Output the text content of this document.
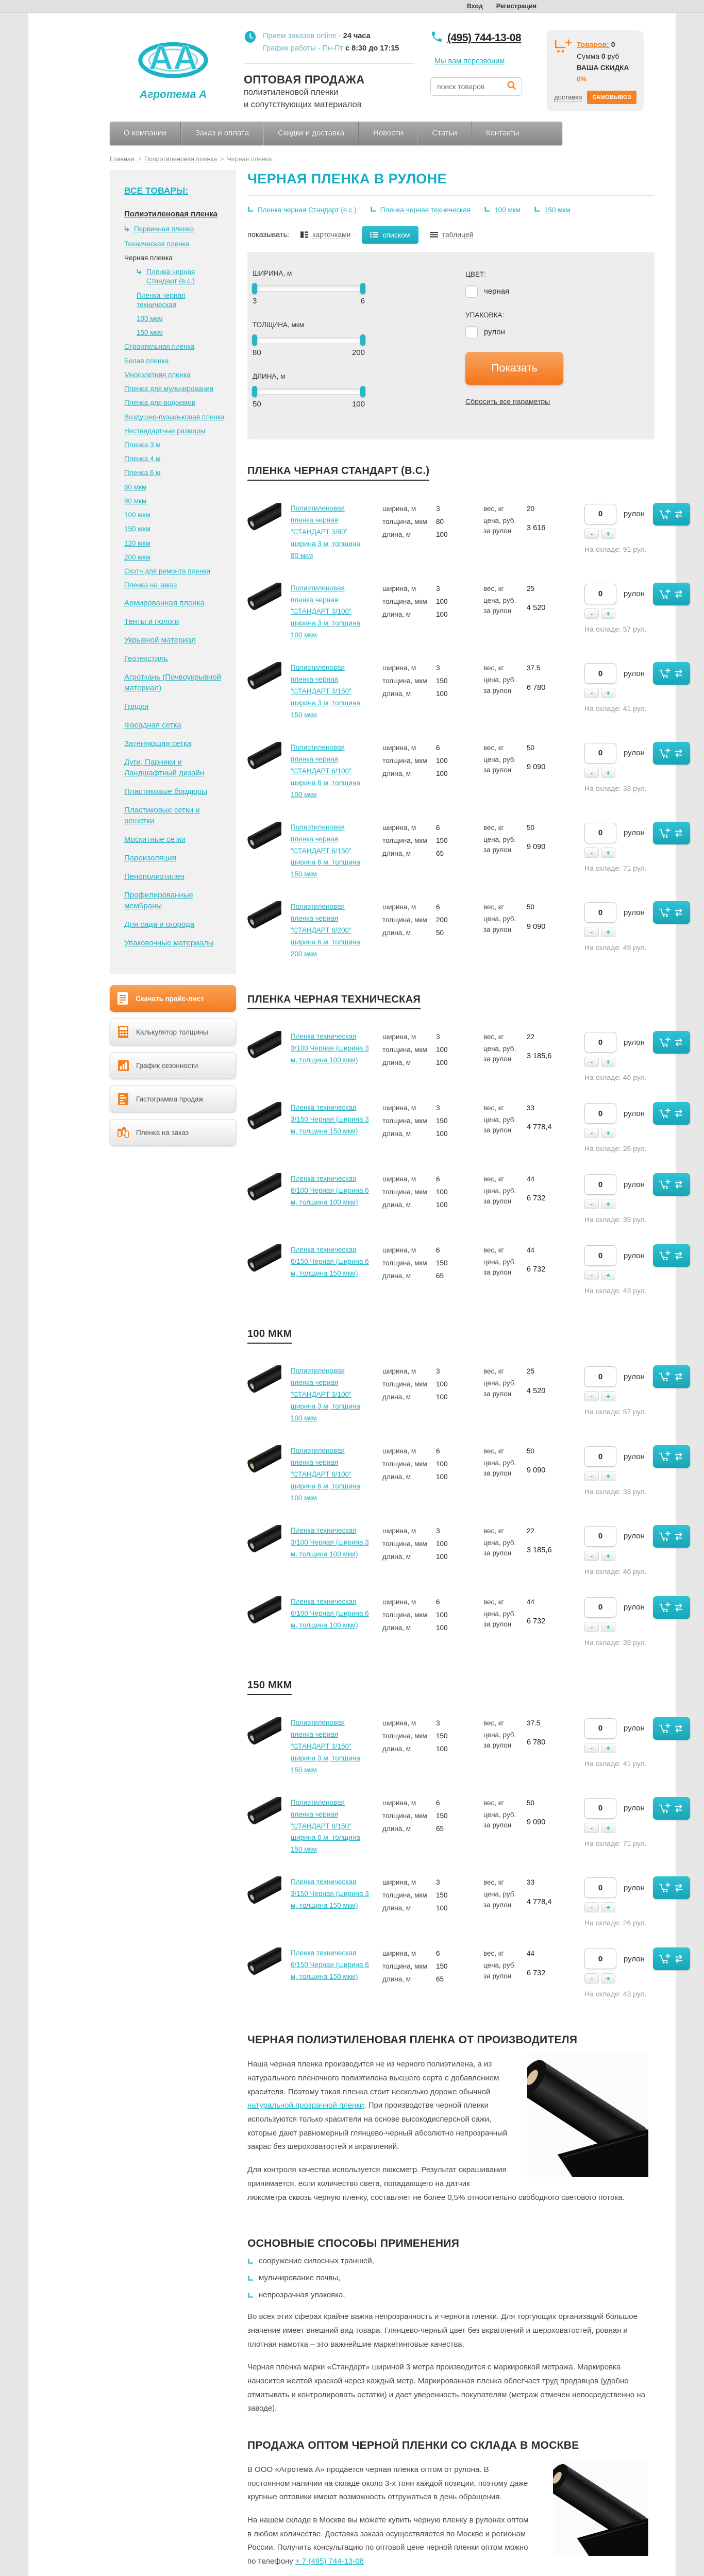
Вход Регистрация
АА
Агротема А
Прием заказов online - 24 часа
График работы - Пн-Пт с 8:30 до 17:15
ОПТОВАЯ ПРОДАЖА
полиэтиленовой пленки
и сопутствующих материалов
(495) 744-13-08
Мы вам перезвоним
поиск товаров
Товаров: 0
Сумма 0 руб
ВАША СКИДКА 0%
доставка	САМОВЫВОЗ
О компании	Заказ и оплата	Скидки и доставка	Новости	Статьи	Контакты
Главная > Полиэтиленовая пленка > Черная пленка
ВСЕ ТОВАРЫ:
Полиэтиленовая пленка
Первичная пленка
Техническая пленка
Черная пленка
Пленка черная Стандарт (в.с.)
Пленка черная техническая
100 мкм
150 мкм
Строительная пленка
Белая пленка
Многолетняя пленка
Пленка для мульчирования
Пленка для водоемов
Воздушно-пузырьковая пленка
Нестандартные размеры
Пленка 3 м
Пленка 4 м
Пленка 6 м
60 мкм
80 мкм
100 мкм
150 мкм
120 мкм
200 мкм
Скотч для ремонта пленки
Пленка на заказ
Армированная пленка
Тенты и пологи
Укрывной материал
Геотекстиль
Агроткань (Почвоукрывной материал)
Грядки
Фасадная сетка
Затеняющая сетка
Дуги, Парники и Ландшафтный дизайн
Пластиковые бордюры
Пластиковые сетки и решетки
Москитные сетки
Пароизоляция
Пенополиэтилен
Профилированные мембраны
Для сада и огорода
Упаковочные материалы
Скачать прайс-лист
Калькулятор толщины
График сезонности
Гистограмма продаж
Пленка на заказ
ЧЕРНАЯ ПЛЕНКА В РУЛОНЕ
Пленка черная Стандарт (в.с.)	Пленка черная техническая	100 мкм	150 мкм
показывать:	карточками	списком	таблицей
ШИРИНА, м
3	6
ТОЛЩИНА, мкм
80	200
ДЛИНА, м
50	100
ЦВЕТ:
черная
УПАКОВКА:
рулон
Показать
Сбросить все параметры
ПЛЕНКА ЧЕРНАЯ СТАНДАРТ (В.С.)
Полиэтиленовая пленка черная "СТАНДАРТ 3/80" ширина 3 м, толщина 80 мкм
ширина, м	3
толщина, мкм	80
длина, м	100
вес, кг	20
цена, руб.
за рулон	3 616
0
рулон
-	+
На складе: 91 рул.
Полиэтиленовая пленка черная "СТАНДАРТ 3/100" ширина 3 м, толщина 100 мкм
ширина, м	3
толщина, мкм	100
длина, м	100
вес, кг	25
цена, руб.
за рулон	4 520
0
рулон
-	+
На складе: 57 рул.
Полиэтиленовая пленка черная "СТАНДАРТ 3/150" ширина 3 м, толщина 150 мкм
ширина, м	3
толщина, мкм	150
длина, м	100
вес, кг	37.5
цена, руб.
за рулон	6 780
0
рулон
-	+
На складе: 41 рул.
Полиэтиленовая пленка черная "СТАНДАРТ 6/100" ширина 6 м, толщина 100 мкм
ширина, м	6
толщина, мкм	100
длина, м	100
вес, кг	50
цена, руб.
за рулон	9 090
0
рулон
-	+
На складе: 33 рул.
Полиэтиленовая пленка черная "СТАНДАРТ 6/150" ширина 6 м, толщина 150 мкм
ширина, м	6
толщина, мкм	150
длина, м	65
вес, кг	50
цена, руб.
за рулон	9 090
0
рулон
-	+
На складе: 71 рул.
Полиэтиленовая пленка черная "СТАНДАРТ 6/200" ширина 6 м, толщина 200 мкм
ширина, м	6
толщина, мкм	200
длина, м	50
вес, кг	50
цена, руб.
за рулон	9 090
0
рулон
-	+
На складе: 49 рул.
ПЛЕНКА ЧЕРНАЯ ТЕХНИЧЕСКАЯ
Пленка техническая 3/100 Черная (ширина 3 м, толщина 100 мкм)
ширина, м	3
толщина, мкм	100
длина, м	100
вес, кг	22
цена, руб.
за рулон	3 185,6
0
рулон
-	+
На складе: 46 рул.
Пленка техническая 3/150 Черная (ширина 3 м, толщина 150 мкм)
ширина, м	3
толщина, мкм	150
длина, м	100
вес, кг	33
цена, руб.
за рулон	4 778,4
0
рулон
-	+
На складе: 26 рул.
Пленка техническая 6/100 Черная (ширина 6 м, толщина 100 мкм)
ширина, м	6
толщина, мкм	100
длина, м	100
вес, кг	44
цена, руб.
за рулон	6 732
0
рулон
-	+
На складе: 39 рул.
Пленка техническая 6/150 Черная (ширина 6 м, толщина 150 мкм)
ширина, м	6
толщина, мкм	150
длина, м	65
вес, кг	44
цена, руб.
за рулон	6 732
0
рулон
-	+
На складе: 43 рул.
100 МКМ
Полиэтиленовая пленка черная "СТАНДАРТ 3/100" ширина 3 м, толщина 100 мкм
ширина, м	3
толщина, мкм	100
длина, м	100
вес, кг	25
цена, руб.
за рулон	4 520
0
рулон
-	+
На складе: 57 рул.
Полиэтиленовая пленка черная "СТАНДАРТ 6/100" ширина 6 м, толщина 100 мкм
ширина, м	6
толщина, мкм	100
длина, м	100
вес, кг	50
цена, руб.
за рулон	9 090
0
рулон
-	+
На складе: 33 рул.
Пленка техническая 3/100 Черная (ширина 3 м, толщина 100 мкм)
ширина, м	3
толщина, мкм	100
длина, м	100
вес, кг	22
цена, руб.
за рулон	3 185,6
0
рулон
-	+
На складе: 46 рул.
Пленка техническая 6/100 Черная (ширина 6 м, толщина 100 мкм)
ширина, м	6
толщина, мкм	100
длина, м	100
вес, кг	44
цена, руб.
за рулон	6 732
0
рулон
-	+
На складе: 39 рул.
150 МКМ
Полиэтиленовая пленка черная "СТАНДАРТ 3/150" ширина 3 м, толщина 150 мкм
ширина, м	3
толщина, мкм	150
длина, м	100
вес, кг	37.5
цена, руб.
за рулон	6 780
0
рулон
-	+
На складе: 41 рул.
Полиэтиленовая пленка черная "СТАНДАРТ 6/150" ширина 6 м, толщина 150 мкм
ширина, м	6
толщина, мкм	150
длина, м	65
вес, кг	50
цена, руб.
за рулон	9 090
0
рулон
-	+
На складе: 71 рул.
Пленка техническая 3/150 Черная (ширина 3 м, толщина 150 мкм)
ширина, м	3
толщина, мкм	150
длина, м	100
вес, кг	33
цена, руб.
за рулон	4 778,4
0
рулон
-	+
На складе: 26 рул.
Пленка техническая 6/150 Черная (ширина 6 м, толщина 150 мкм)
ширина, м	6
толщина, мкм	150
длина, м	65
вес, кг	44
цена, руб.
за рулон	6 732
0
рулон
-	+
На складе: 43 рул.
ЧЕРНАЯ ПОЛИЭТИЛЕНОВАЯ ПЛЕНКА ОТ ПРОИЗВОДИТЕЛЯ

Наша черная пленка производится не из черного полиэтилена, а из натурального пленочного полиэтилена высшего сорта с добавлением красителя. Поэтому такая пленка стоит несколько дороже обычной натуральной прозрачной пленки. При производстве черной пленки используются только красители на основе высокодисперсной сажи, которые дают равномерный глянцево-черный абсолютно непрозрачный закрас без шероховатостей и вкраплений.

Для контроля качества используется люксметр. Результат окрашивания принимается, если количество света, попадающего на датчик люксметра сквозь черную пленку, составляет не более 0,5% относительно свободного светового потока.

ОСНОВНЫЕ СПОСОБЫ ПРИМЕНЕНИЯ
сооружение силосных траншей,
мульчирование почвы,
непрозрачная упаковка.

Во всех этих сферах крайне важна непрозрачность и чернота пленки. Для торгующих организаций большое значение имеет внешний вид товара. Глянцево-черный цвет без вкраплений и шероховатостей, ровная и плотная намотка – это важнейшие маркетинговые качества.

Черная пленка марки «Стандарт» шириной 3 метра производится с маркировкой метража. Маркировка наносится желтой краской через каждый метр. Маркированная пленка облегчает труд продавцов (удобно отматывать и контролировать остатки) и дает уверенность покупателям (метраж отмечен непосредственно на заводе).

ПРОДАЖА ОПТОМ ЧЕРНОЙ ПЛЕНКИ СО СКЛАДА В МОСКВЕ

В ООО «Агротема А» продается черная пленка оптом от рулона. В постоянном наличии на складе около 3-х тонн каждой позиции, поэтому даже крупные оптовики имеют возможность отгружаться в день обращения.

На нашем складе в Москве вы можете купить черную пленку в рулонах оптом в любом количестве. Доставка заказа осуществляется по Москве и регионам России. Получить консультацию по оптовой цене черной пленки оптом можно по телефону + 7 (495) 744-13-08
